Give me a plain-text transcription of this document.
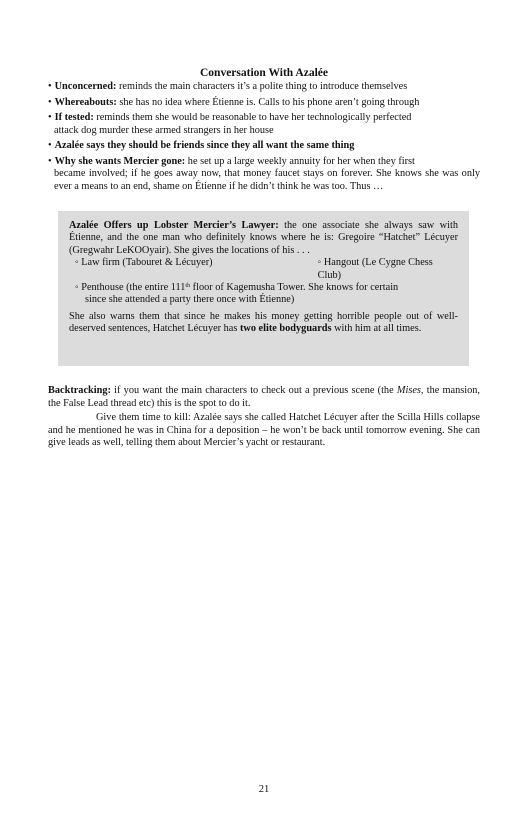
Conversation With Azalée
• Unconcerned: reminds the main characters it’s a polite thing to introduce themselves
• Whereabouts: she has no idea where Étienne is. Calls to his phone aren’t going through
• If tested: reminds them she would be reasonable to have her technologically perfected
attack dog murder these armed strangers in her house
• Azalée says they should be friends since they all want the same thing
• Why she wants Mercier gone: he set up a large weekly annuity for her when they first
became involved; if he goes away now, that money faucet stays on forever. She knows she was only ever a means to an end, shame on Étienne if he didn’t think he was too. Thus …

Azalée Offers up Lobster Mercier’s Lawyer: the one associate she always saw with Étienne, and the one man who definitely knows where he is: Gregoire “Hatchet” Lécuyer (Gregwahr LeKOOyair). She gives the locations of his . . .

◦ Law firm (Tabouret & Lécuyer)	◦ Hangout (Le Cygne Chess Club)
◦ Penthouse (the entire 111th floor of Kagemusha Tower. She knows for certain
since she attended a party there once with Étienne)

She also warns them that since he makes his money getting horrible people out of well-deserved sentences, Hatchet Lécuyer has two elite bodyguards with him at all times.

Backtracking: if you want the main characters to check out a previous scene (the Mises, the mansion, the False Lead thread etc) this is the spot to do it.

Give them time to kill: Azalée says she called Hatchet Lécuyer after the Scilla Hills collapse and he mentioned he was in China for a deposition – he won’t be back until tomorrow evening. She can give leads as well, telling them about Mercier’s yacht or restaurant.

21
